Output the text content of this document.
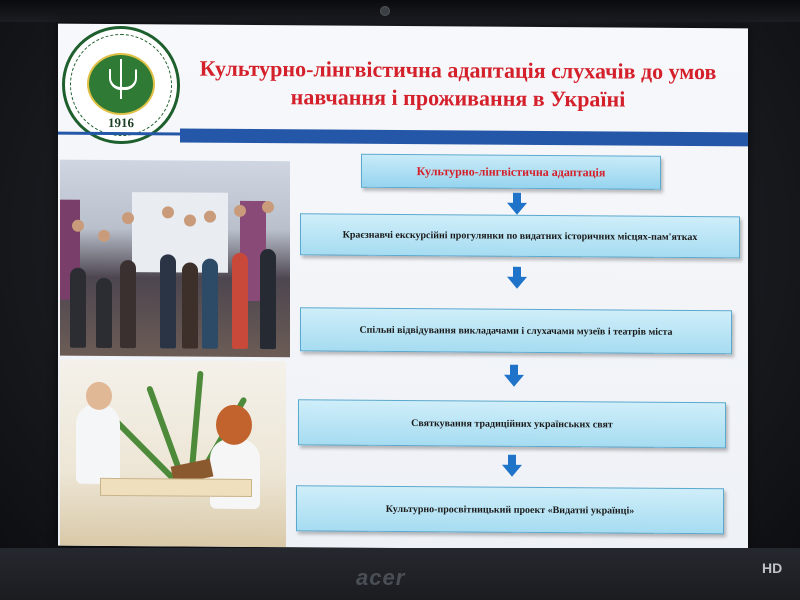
1916
Культурно-лінгвістична адаптація слухачів до умов навчання і проживання в Україні
Культурно-лінгвістична адаптація
Краєзнавчі екскурсійні прогулянки по видатних історичних місцях-пам'ятках
Спільні відвідування викладачами і слухачами музеїв і театрів міста
Святкування традиційних українських свят
Культурно-просвітницький проект «Видатні українці»
acer	HD
